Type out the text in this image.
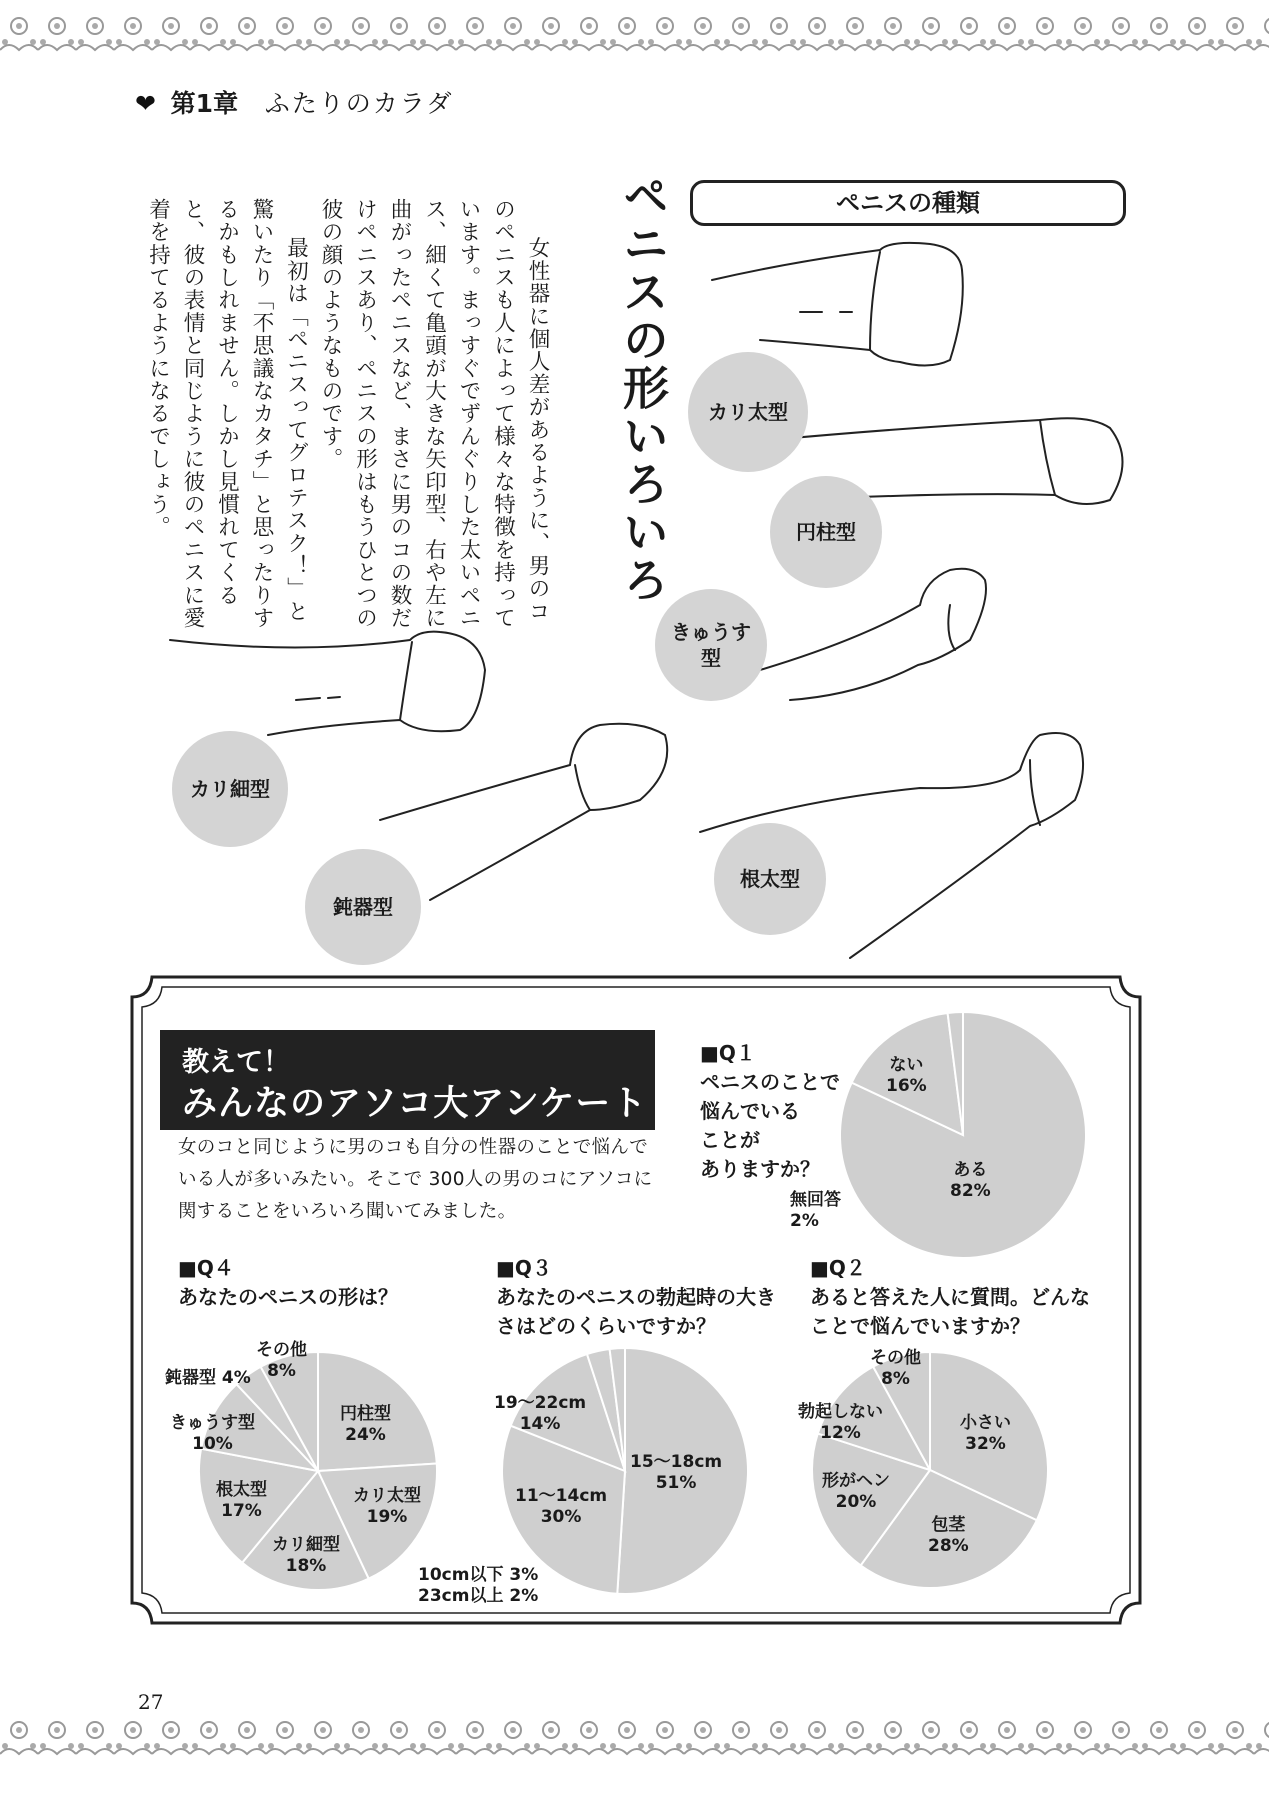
❤ 第1章 ふたりのカラダ
ペニスの形いろいろ

　女性器に個人差があるように、男のコのペニスも人によって様々な特徴を持っています。まっすぐでずんぐりした太いペニス、細くて亀頭が大きな矢印型、右や左に曲がったペニスなど、まさに男のコの数だけペニスあり、ペニスの形はもうひとつの彼の顔のようなものです。
　最初は「ペニスってグロテスク！」と驚いたり「不思議なカタチ」と思ったりするかもしれません。しかし見慣れてくると、彼の表情と同じように彼のペニスに愛着を持てるようになるでしょう。	ペニスの種類
カリ太型
円柱型
きゅうす
型
カリ細型
鈍器型
根太型
教えて！
みんなのアソコ大アンケート
女のコと同じように男のコも自分の性器のことで悩んでいる人が多いみたい。そこで 300人の男のコにアソコに関することをいろいろ聞いてみました。

■Q１
ペニスのことで
悩んでいる
ことが
ありますか？	ある
82%
ない
16%
無回答
2%
■Q４
あなたのペニスの形は？
円柱型
24%
カリ太型
19%
カリ細型
18%
根太型
17%
きゅうす型
10%
鈍器型 4%
その他
8%
■Q３
あなたのペニスの勃起時の大きさはどのくらいですか？
15～18cm
51%
11～14cm
30%
19～22cm
14%
10cm以下 3%
23cm以上 2%
■Q２
あると答えた人に質問。どんなことで悩んでいますか？
小さい
32%
包茎
28%
形がヘン
20%
勃起しない
12%
その他
8%
27
